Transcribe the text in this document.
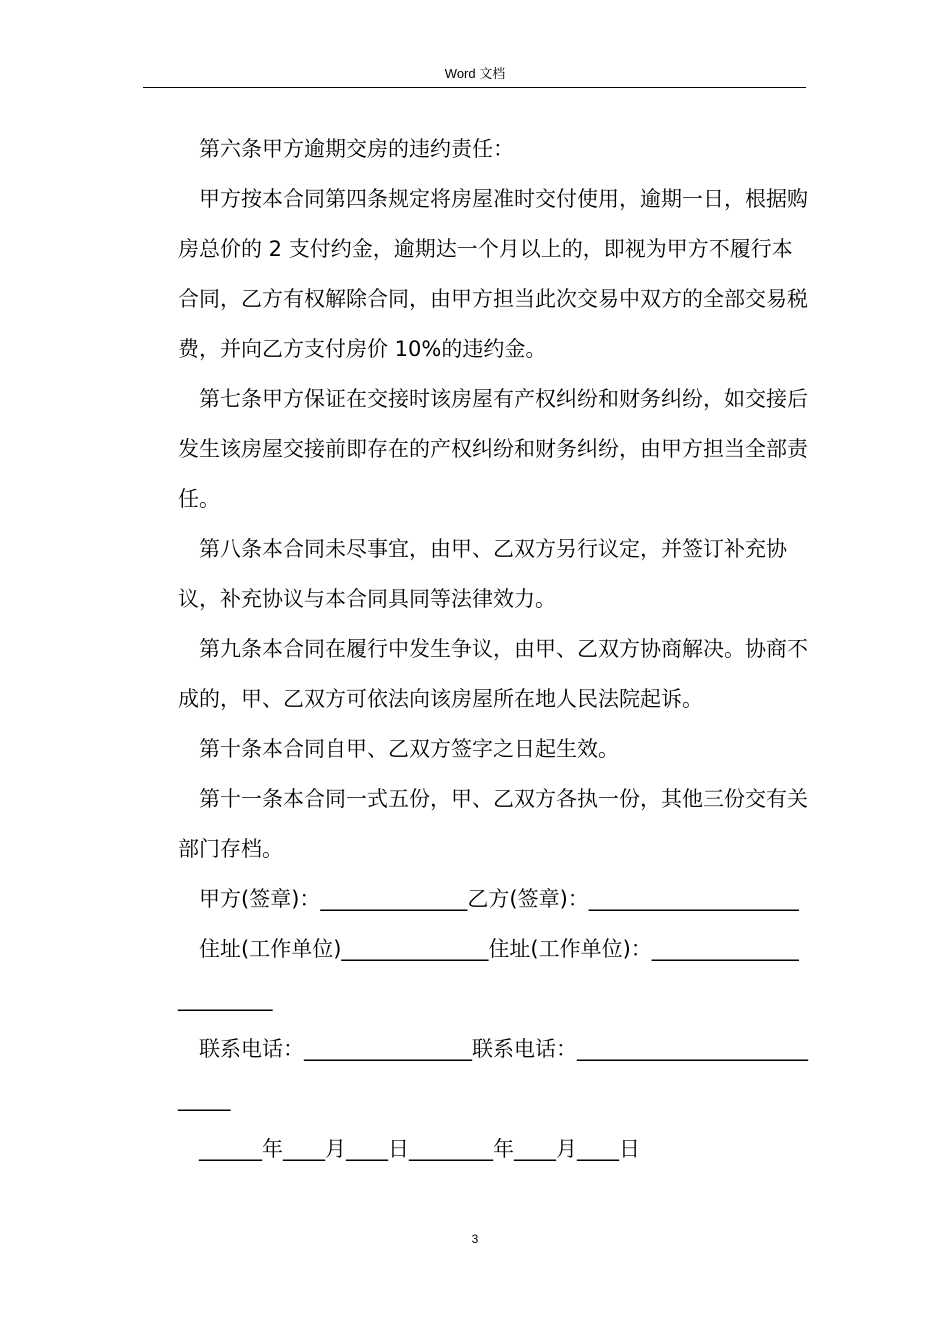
Word 文档

第六条甲方逾期交房的违约责任：

甲方按本合同第四条规定将房屋准时交付使用，逾期一日，根据购房总价的 2 支付约金，逾期达一个月以上的，即视为甲方不履行本合同，乙方有权解除合同，由甲方担当此次交易中双方的全部交易税费，并向乙方支付房价 10%的违约金。

第七条甲方保证在交接时该房屋有产权纠纷和财务纠纷，如交接后发生该房屋交接前即存在的产权纠纷和财务纠纷，由甲方担当全部责任。

第八条本合同未尽事宜，由甲、乙双方另行议定，并签订补充协议，补充协议与本合同具同等法律效力。

第九条本合同在履行中发生争议，由甲、乙双方协商解决。协商不成的，甲、乙双方可依法向该房屋所在地人民法院起诉。

第十条本合同自甲、乙双方签字之日起生效。

第十一条本合同一式五份，甲、乙双方各执一份，其他三份交有关部门存档。

甲方(签章)：______________乙方(签章)：____________________

住址(工作单位)______________住址(工作单位)：_______________________

联系电话：________________联系电话：___________________________

______年____月____日________年____月____日

3
